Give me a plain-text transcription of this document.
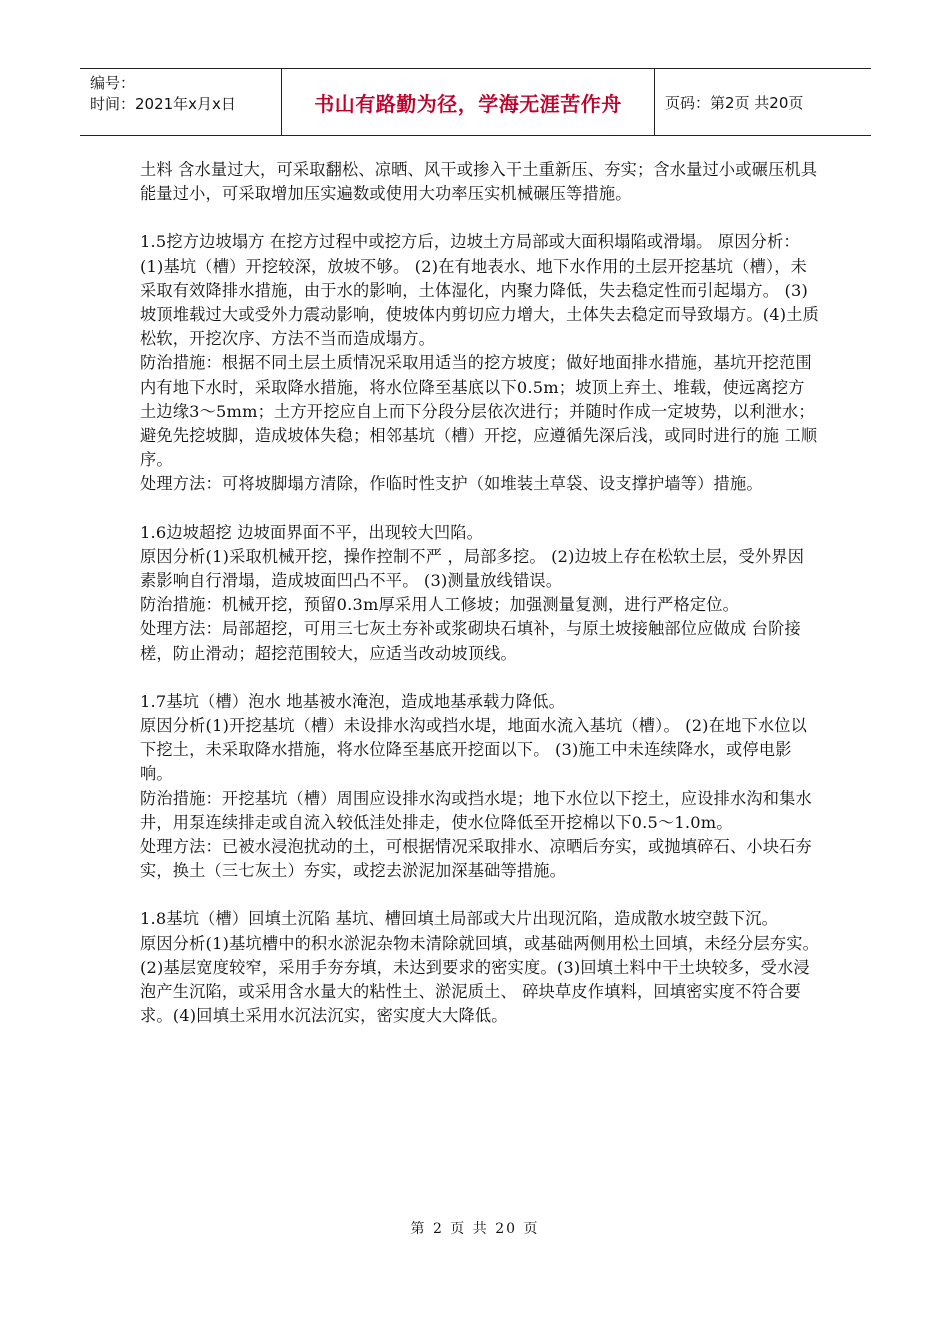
编号：
时间：2021年x月x日	书山有路勤为径，学海无涯苦作舟	页码：第2页 共20页

土料 含水量过大，可采取翻松、凉晒、风干或掺入干土重新压、夯实；含水量过小或碾压机具 能量过小，可采取增加压实遍数或使用大功率压实机械碾压等措施。

1.5挖方边坡塌方 在挖方过程中或挖方后，边坡土方局部或大面积塌陷或滑塌。 原因分析：(1)基坑（槽）开挖较深，放坡不够。 (2)在有地表水、地下水作用的土层开挖基坑（槽），未采取有效降排水措施，由于水的影响，土体湿化，内聚力降低，失去稳定性而引起塌方。 (3)坡顶堆载过大或受外力震动影响，使坡体内剪切应力增大，土体失去稳定而导致塌方。(4)土质松软，开挖次序、方法不当而造成塌方。

防治措施：根据不同土层土质情况采取用适当的挖方坡度；做好地面排水措施，基坑开挖范围内有地下水时，采取降水措施，将水位降至基底以下0.5m；坡顶上弃土、堆载，使远离挖方 土边缘3～5mm；土方开挖应自上而下分段分层依次进行；并随时作成一定坡势，以利泄水； 避免先挖坡脚，造成坡体失稳；相邻基坑（槽）开挖，应遵循先深后浅，或同时进行的施 工顺序。

处理方法：可将坡脚塌方清除，作临时性支护（如堆装土草袋、设支撑护墙等）措施。

1.6边坡超挖 边坡面界面不平，出现较大凹陷。

原因分析(1)采取机械开挖，操作控制不严 ，局部多挖。 (2)边坡上存在松软土层，受外界因素影响自行滑塌，造成坡面凹凸不平。 (3)测量放线错误。

防治措施：机械开挖，预留0.3m厚采用人工修坡；加强测量复测，进行严格定位。

处理方法：局部超挖，可用三七灰土夯补或浆砌块石填补，与原土坡接触部位应做成 台阶接槎，防止滑动；超挖范围较大，应适当改动坡顶线。

1.7基坑（槽）泡水 地基被水淹泡，造成地基承载力降低。

原因分析(1)开挖基坑（槽）未设排水沟或挡水堤，地面水流入基坑（槽）。 (2)在地下水位以下挖土，未采取降水措施，将水位降至基底开挖面以下。 (3)施工中未连续降水，或停电影响。

防治措施：开挖基坑（槽）周围应设排水沟或挡水堤；地下水位以下挖土，应设排水沟和集水井，用泵连续排走或自流入较低洼处排走，使水位降低至开挖棉以下0.5～1.0m。

处理方法：已被水浸泡扰动的土，可根据情况采取排水、凉晒后夯实，或抛填碎石、小块石夯实，换土（三七灰土）夯实，或挖去淤泥加深基础等措施。

1.8基坑（槽）回填土沉陷 基坑、槽回填土局部或大片出现沉陷，造成散水坡空鼓下沉。

原因分析(1)基坑槽中的积水淤泥杂物未清除就回填，或基础两侧用松土回填，未经分层夯实。(2)基层宽度较窄，采用手夯夯填，未达到要求的密实度。(3)回填土料中干土块较多，受水浸泡产生沉陷，或采用含水量大的粘性土、淤泥质土、 碎块草皮作填料，回填密实度不符合要求。(4)回填土采用水沉法沉实，密实度大大降低。

第 2 页 共 20 页
